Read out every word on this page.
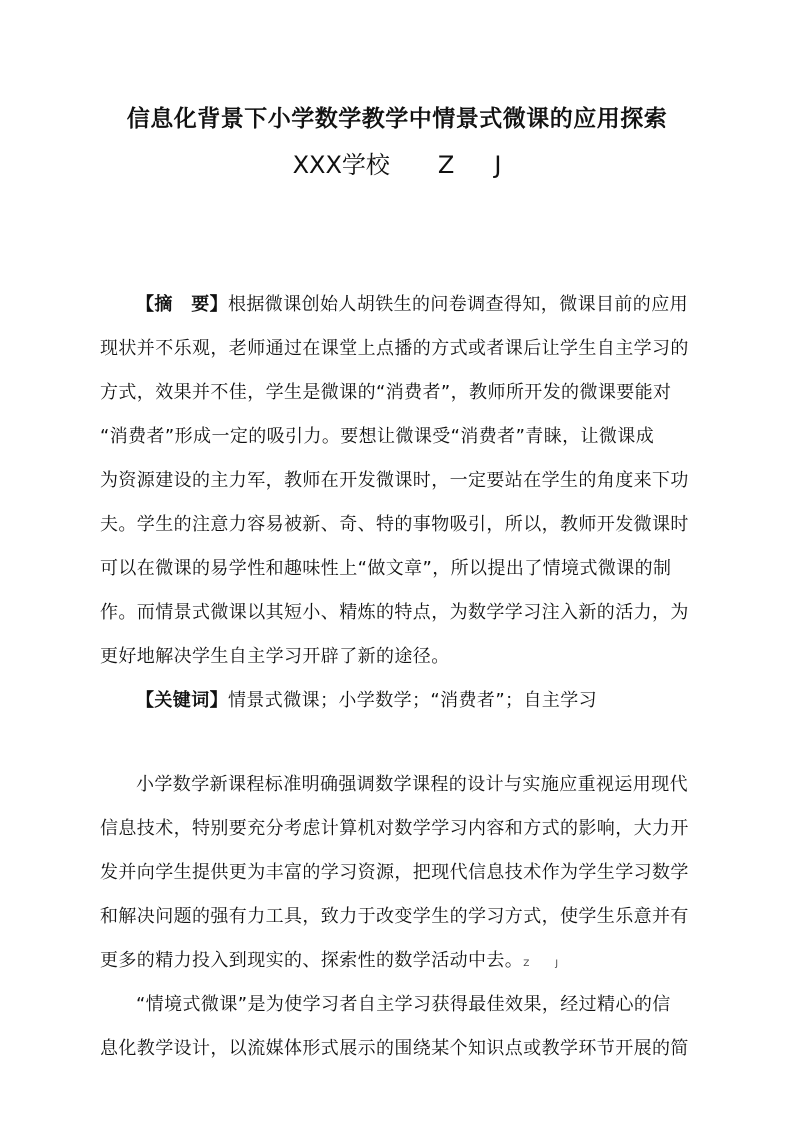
信息化背景下小学数学教学中情景式微课的应用探索
XXX学校 Z J
【摘　要】根据微课创始人胡铁生的问卷调查得知，微课目前的应用
现状并不乐观，老师通过在课堂上点播的方式或者课后让学生自主学习的
方式，效果并不佳，学生是微课的“消费者”，教师所开发的微课要能对
“消费者”形成一定的吸引力。要想让微课受“消费者”青睐，让微课成
为资源建设的主力军，教师在开发微课时，一定要站在学生的角度来下功
夫。学生的注意力容易被新、奇、特的事物吸引，所以，教师开发微课时
可以在微课的易学性和趣味性上“做文章”，所以提出了情境式微课的制
作。而情景式微课以其短小、精炼的特点，为数学学习注入新的活力，为
更好地解决学生自主学习开辟了新的途径。
【关键词】情景式微课；小学数学；“消费者”；自主学习
小学数学新课程标准明确强调数学课程的设计与实施应重视运用现代
信息技术，特别要充分考虑计算机对数学学习内容和方式的影响，大力开
发并向学生提供更为丰富的学习资源，把现代信息技术作为学生学习数学
和解决问题的强有力工具，致力于改变学生的学习方式，使学生乐意并有
更多的精力投入到现实的、探索性的数学活动中去。Z	J
“情境式微课”是为使学习者自主学习获得最佳效果，经过精心的信
息化教学设计，以流媒体形式展示的围绕某个知识点或教学环节开展的简
